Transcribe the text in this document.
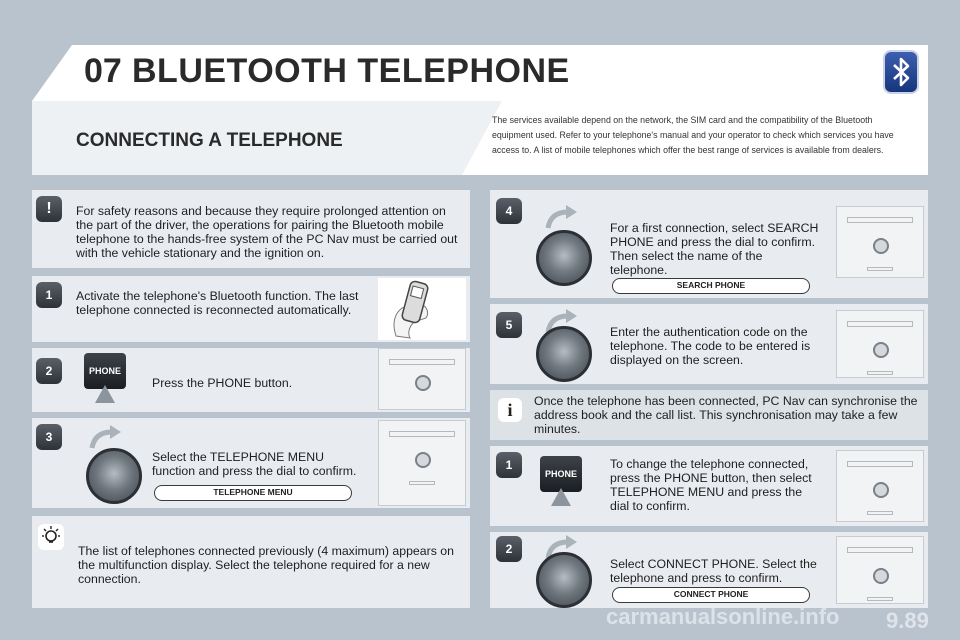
07 BLUETOOTH TELEPHONE
CONNECTING A TELEPHONE
The services available depend on the network, the SIM card and the compatibility of the Bluetooth equipment used. Refer to your telephone's manual and your operator to check which services you have access to. A list of mobile telephones which offer the best range of services is available from dealers.
!	For safety reasons and because they require prolonged attention on the part of the driver, the operations for pairing the Bluetooth mobile telephone to the hands-free system of the PC Nav must be carried out with the vehicle stationary and the ignition on.
1	Activate the telephone's Bluetooth function. The last telephone connected is reconnected automatically.
2	PHONE
Press the PHONE button.
3
Select the TELEPHONE MENU function and press the dial to confirm.
TELEPHONE MENU
The list of telephones connected previously (4 maximum) appears on the multifunction display. Select the telephone required for a new connection.
4
For a first connection, select SEARCH PHONE and press the dial to confirm. Then select the name of the telephone.
SEARCH PHONE
5	Enter the authentication code on the telephone. The code to be entered is displayed on the screen.
i	Once the telephone has been connected, PC Nav can synchronise the address book and the call list. This synchronisation may take a few minutes.
1
PHONE
To change the telephone connected, press the PHONE button, then select TELEPHONE MENU and press the dial to confirm.
2
Select CONNECT PHONE. Select the telephone and press to confirm.
CONNECT PHONE
carmanualsonline.info 9.89
